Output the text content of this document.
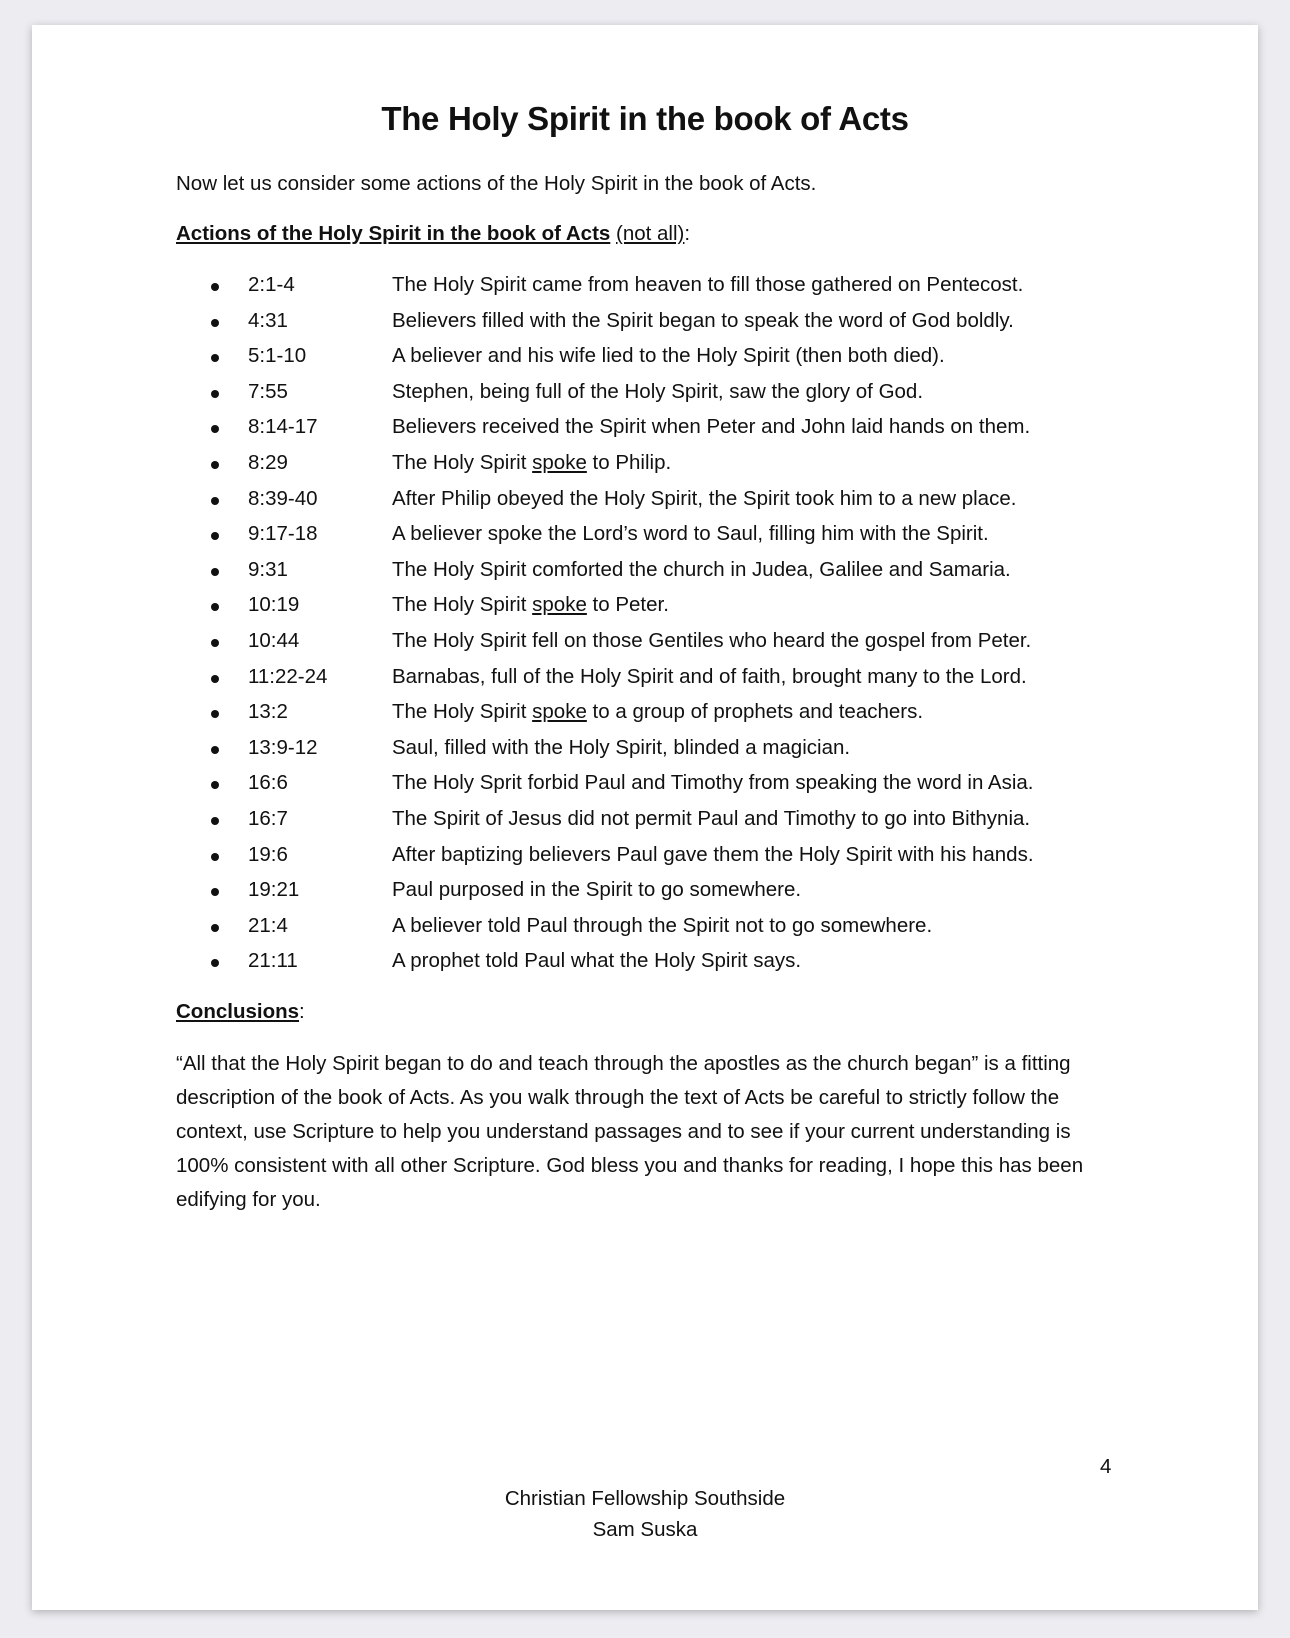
The Holy Spirit in the book of Acts
Now let us consider some actions of the Holy Spirit in the book of Acts.
Actions of the Holy Spirit in the book of Acts (not all):
2:1-4	The Holy Spirit came from heaven to fill those gathered on Pentecost.
4:31	Believers filled with the Spirit began to speak the word of God boldly.
5:1-10	A believer and his wife lied to the Holy Spirit (then both died).
7:55	Stephen, being full of the Holy Spirit, saw the glory of God.
8:14-17	Believers received the Spirit when Peter and John laid hands on them.
8:29	The Holy Spirit spoke to Philip.
8:39-40	After Philip obeyed the Holy Spirit, the Spirit took him to a new place.
9:17-18	A believer spoke the Lord’s word to Saul, filling him with the Spirit.
9:31	The Holy Spirit comforted the church in Judea, Galilee and Samaria.
10:19	The Holy Spirit spoke to Peter.
10:44	The Holy Spirit fell on those Gentiles who heard the gospel from Peter.
11:22-24	Barnabas, full of the Holy Spirit and of faith, brought many to the Lord.
13:2	The Holy Spirit spoke to a group of prophets and teachers.
13:9-12	Saul, filled with the Holy Spirit, blinded a magician.
16:6	The Holy Sprit forbid Paul and Timothy from speaking the word in Asia.
16:7	The Spirit of Jesus did not permit Paul and Timothy to go into Bithynia.
19:6	After baptizing believers Paul gave them the Holy Spirit with his hands.
19:21	Paul purposed in the Spirit to go somewhere.
21:4	A believer told Paul through the Spirit not to go somewhere.
21:11	A prophet told Paul what the Holy Spirit says.
Conclusions:
“All that the Holy Spirit began to do and teach through the apostles as the church began” is a fitting description of the book of Acts. As you walk through the text of Acts be careful to strictly follow the context, use Scripture to help you understand passages and to see if your current understanding is 100% consistent with all other Scripture. God bless you and thanks for reading, I hope this has been edifying for you.
4
Christian Fellowship Southside
Sam Suska
